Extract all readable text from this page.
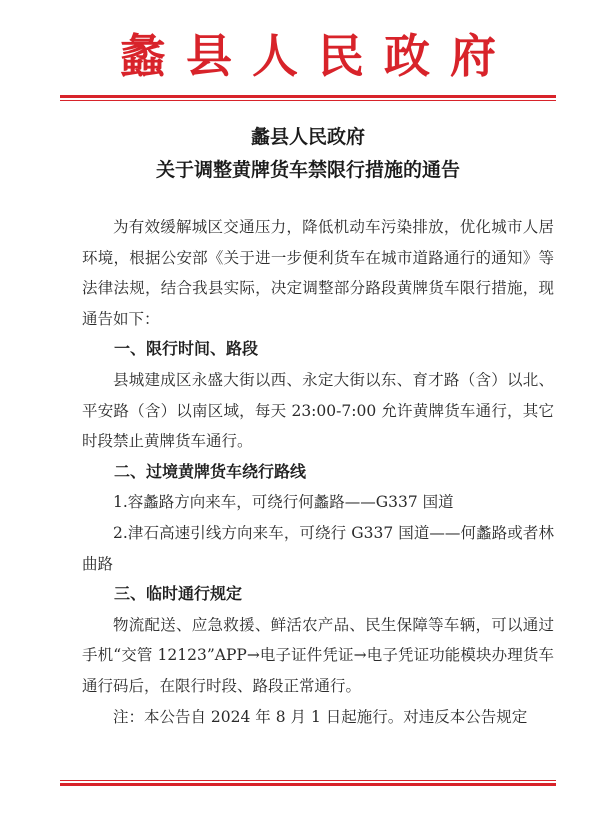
蠡县人民政府
蠡县人民政府
关于调整黄牌货车禁限行措施的通告

为有效缓解城区交通压力，降低机动车污染排放，优化城市人居环境，根据公安部《关于进一步便利货车在城市道路通行的通知》等法律法规，结合我县实际，决定调整部分路段黄牌货车限行措施，现通告如下：

一、限行时间、路段

县城建成区永盛大街以西、永定大街以东、育才路（含）以北、平安路（含）以南区域，每天 23:00-7:00 允许黄牌货车通行，其它时段禁止黄牌货车通行。

二、过境黄牌货车绕行路线

1.容蠡路方向来车，可绕行何蠡路——G337 国道

2.津石高速引线方向来车，可绕行 G337 国道——何蠡路或者林曲路

三、临时通行规定

物流配送、应急救援、鲜活农产品、民生保障等车辆，可以通过手机“交管 12123”APP→电子证件凭证→电子凭证功能模块办理货车通行码后，在限行时段、路段正常通行。

注：本公告自 2024 年 8 月 1 日起施行。对违反本公告规定
